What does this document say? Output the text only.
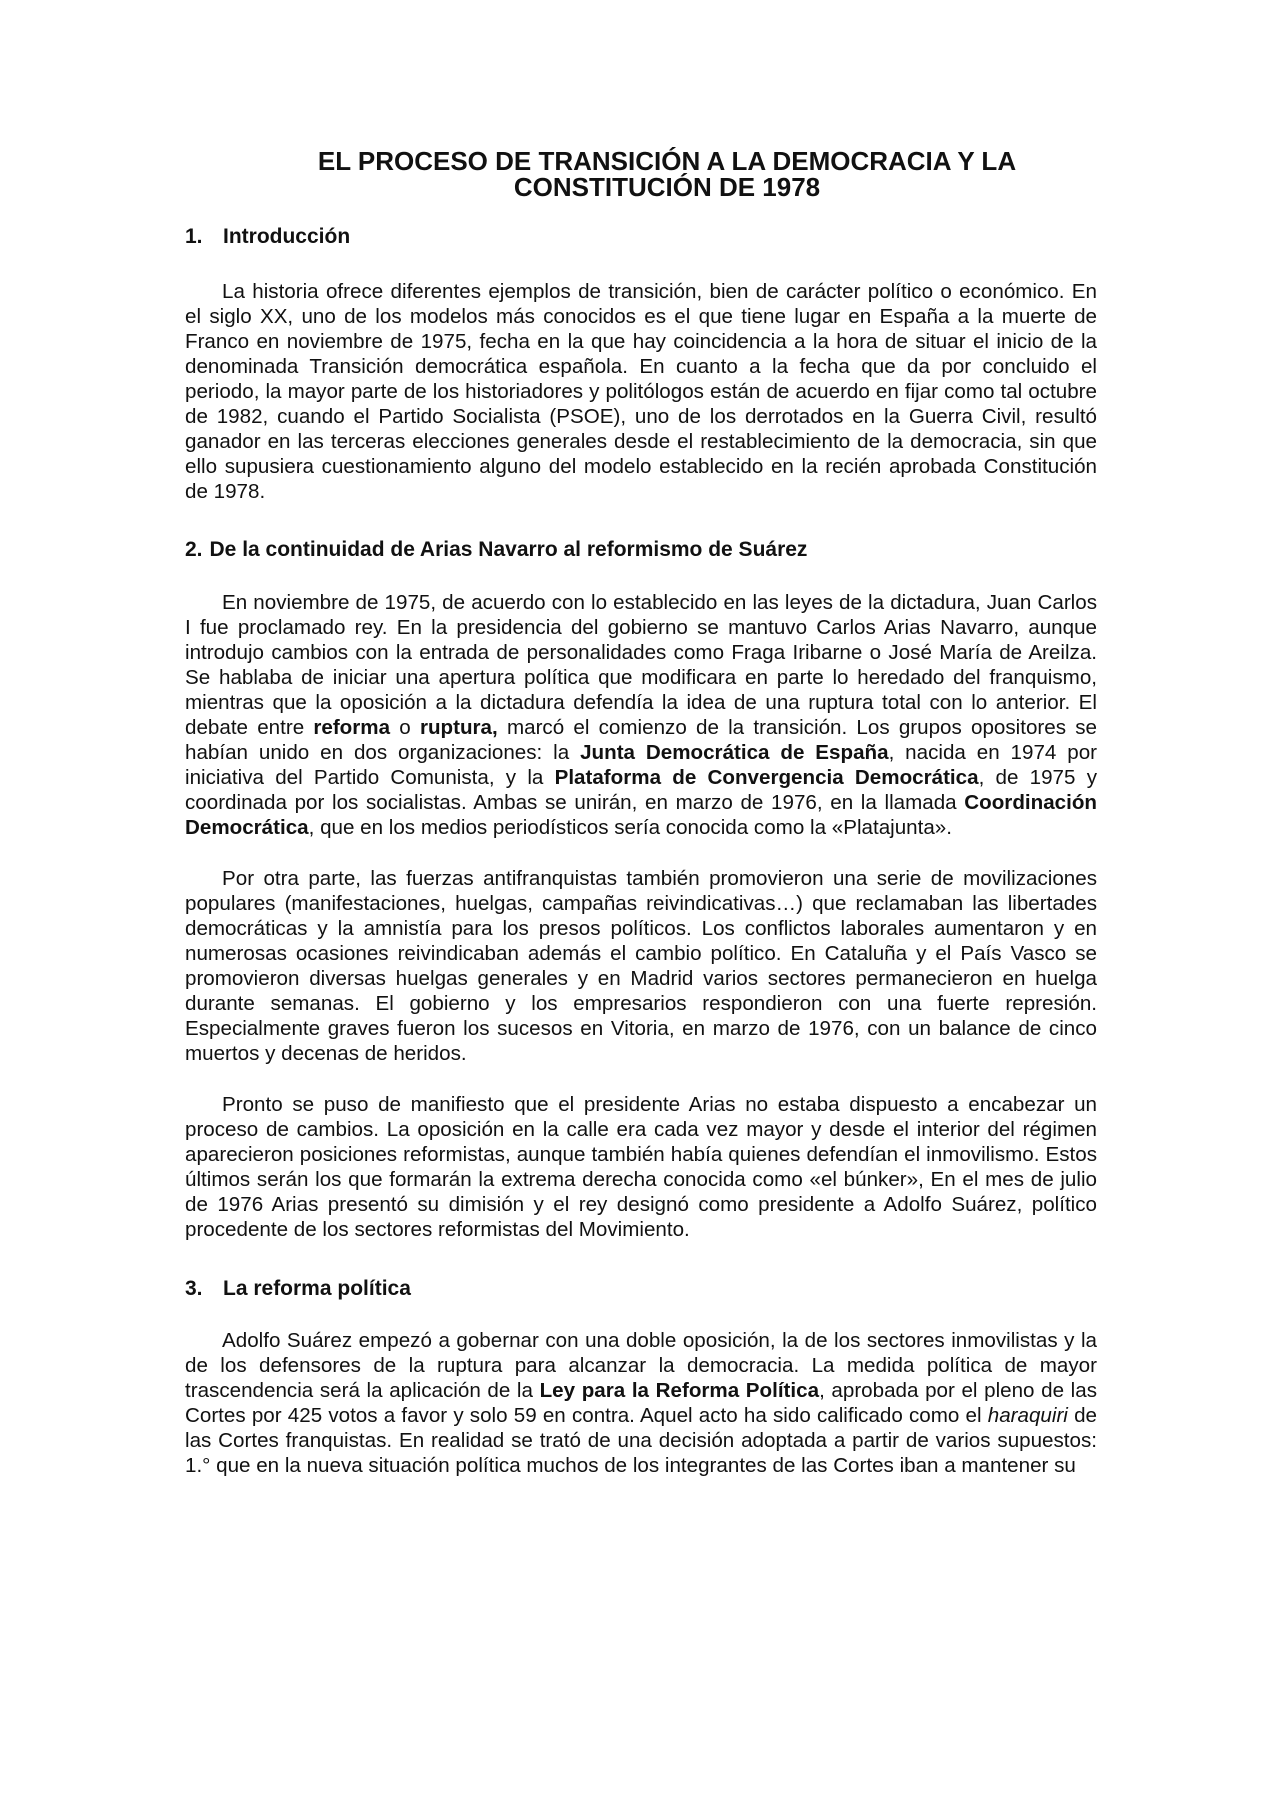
EL PROCESO DE TRANSICIÓN A LA DEMOCRACIA Y LA
CONSTITUCIÓN DE 1978
1. Introducción

La historia ofrece diferentes ejemplos de transición, bien de carácter político o económico. En el siglo XX, uno de los modelos más conocidos es el que tiene lugar en España a la muerte de Franco en noviembre de 1975, fecha en la que hay coincidencia a la hora de situar el inicio de la denominada Transición democrática española. En cuanto a la fecha que da por concluido el periodo, la mayor parte de los historiadores y politólogos están de acuerdo en fijar como tal octubre de 1982, cuando el Partido Socialista (PSOE), uno de los derrotados en la Guerra Civil, resultó ganador en las terceras elecciones generales desde el restablecimiento de la democracia, sin que ello supusiera cuestionamiento alguno del modelo establecido en la recién aprobada Constitución de 1978.

2. De la continuidad de Arias Navarro al reformismo de Suárez

En noviembre de 1975, de acuerdo con lo establecido en las leyes de la dictadura, Juan Carlos I fue proclamado rey. En la presidencia del gobierno se mantuvo Carlos Arias Navarro, aunque introdujo cambios con la entrada de personalidades como Fraga Iribarne o José María de Areilza. Se hablaba de iniciar una apertura política que modificara en parte lo heredado del franquismo, mientras que la oposición a la dictadura defendía la idea de una ruptura total con lo anterior. El debate entre reforma o ruptura, marcó el comienzo de la transición. Los grupos opositores se habían unido en dos organizaciones: la Junta Democrática de España, nacida en 1974 por iniciativa del Partido Comunista, y la Plataforma de Convergencia Democrática, de 1975 y coordinada por los socialistas. Ambas se unirán, en marzo de 1976, en la llamada Coordinación Democrática, que en los medios periodísticos sería conocida como la «Platajunta».

Por otra parte, las fuerzas antifranquistas también promovieron una serie de movilizaciones populares (manifestaciones, huelgas, campañas reivindicativas…) que reclamaban las libertades democráticas y la amnistía para los presos políticos. Los conflictos laborales aumentaron y en numerosas ocasiones reivindicaban además el cambio político. En Cataluña y el País Vasco se promovieron diversas huelgas generales y en Madrid varios sectores permanecieron en huelga durante semanas. El gobierno y los empresarios respondieron con una fuerte represión. Especialmente graves fueron los sucesos en Vitoria, en marzo de 1976, con un balance de cinco muertos y decenas de heridos.

Pronto se puso de manifiesto que el presidente Arias no estaba dispuesto a encabezar un proceso de cambios. La oposición en la calle era cada vez mayor y desde el interior del régimen aparecieron posiciones reformistas, aunque también había quienes defendían el inmovilismo. Estos últimos serán los que formarán la extrema derecha conocida como «el búnker», En el mes de julio de 1976 Arias presentó su dimisión y el rey designó como presidente a Adolfo Suárez, político procedente de los sectores reformistas del Movimiento.

3. La reforma política

Adolfo Suárez empezó a gobernar con una doble oposición, la de los sectores inmovilistas y la de los defensores de la ruptura para alcanzar la democracia. La medida política de mayor trascendencia será la aplicación de la Ley para la Reforma Política, aprobada por el pleno de las Cortes por 425 votos a favor y solo 59 en contra. Aquel acto ha sido calificado como el haraquiri de las Cortes franquistas. En realidad se trató de una decisión adoptada a partir de varios supuestos: 1.° que en la nueva situación política muchos de los integrantes de las Cortes iban a mantener su
